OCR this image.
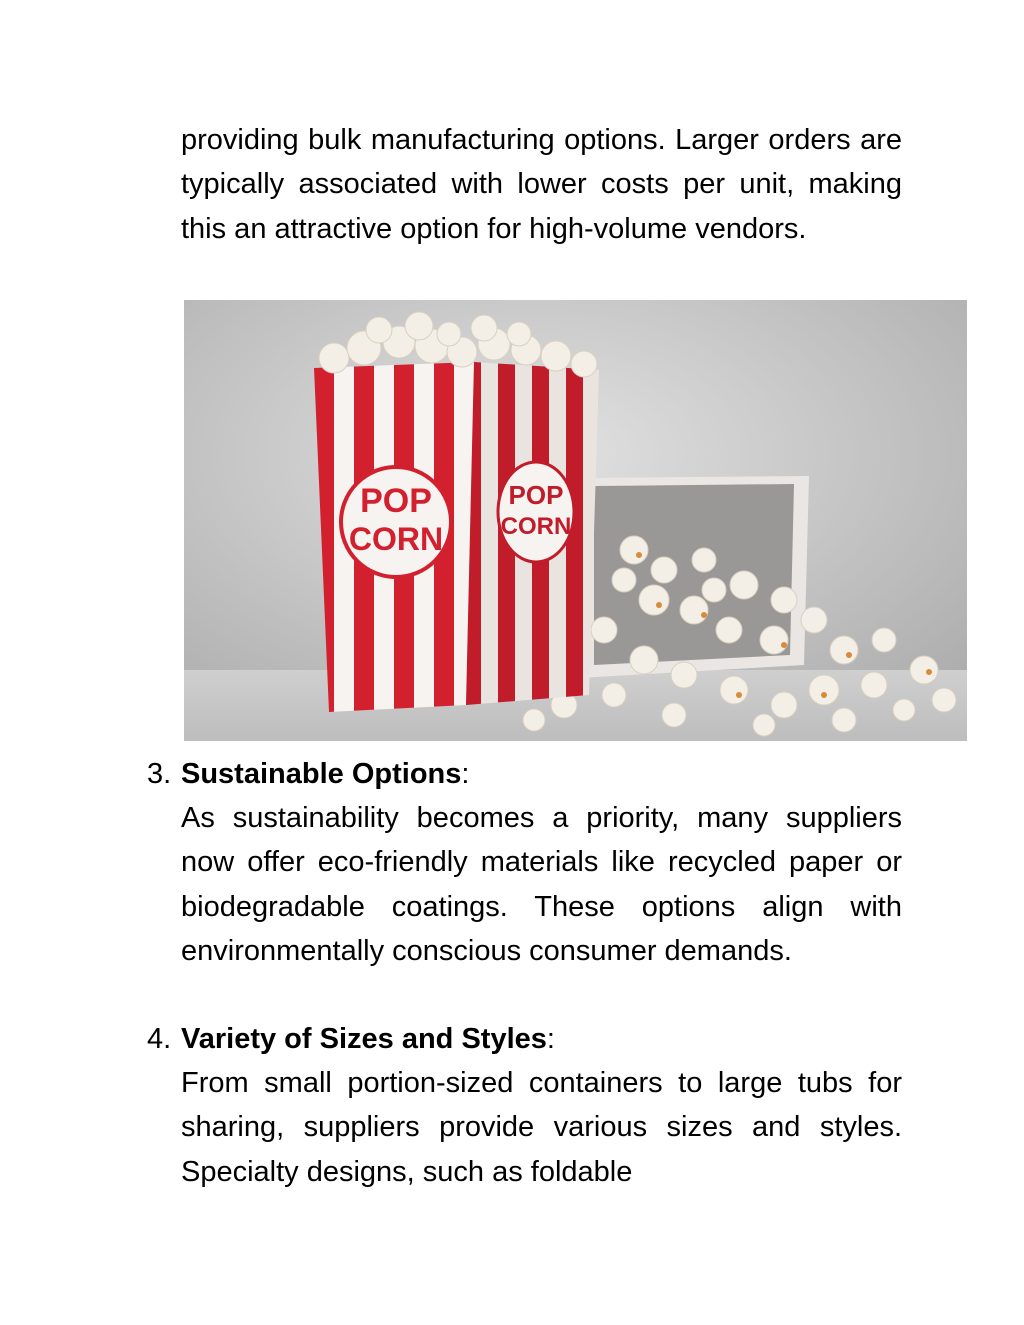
providing bulk manufacturing options. Larger orders are typically associated with lower costs per unit, making this an attractive option for high-volume vendors.

POP
CORN
POP
CORN

3. Sustainable Options:

As sustainability becomes a priority, many suppliers now offer eco-friendly materials like recycled paper or biodegradable coatings. These options align with environmentally conscious consumer demands.

4. Variety of Sizes and Styles:

From small portion-sized containers to large tubs for sharing, suppliers provide various sizes and styles. Specialty designs, such as foldable
